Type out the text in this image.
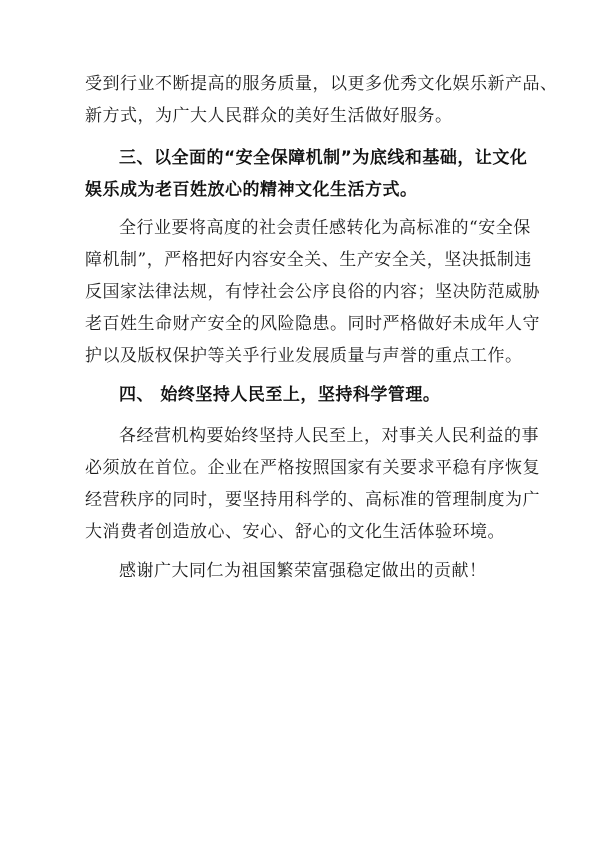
受到行业不断提高的服务质量，以更多优秀文化娱乐新产品、
新方式，为广大人民群众的美好生活做好服务。
三、以全面的“安全保障机制”为底线和基础，让文化
娱乐成为老百姓放心的精神文化生活方式。
全行业要将高度的社会责任感转化为高标准的“安全保
障机制”，严格把好内容安全关、生产安全关，坚决抵制违
反国家法律法规，有悖社会公序良俗的内容；坚决防范威胁
老百姓生命财产安全的风险隐患。同时严格做好未成年人守
护以及版权保护等关乎行业发展质量与声誉的重点工作。
四、 始终坚持人民至上，坚持科学管理。
各经营机构要始终坚持人民至上，对事关人民利益的事
必须放在首位。企业在严格按照国家有关要求平稳有序恢复
经营秩序的同时，要坚持用科学的、高标准的管理制度为广
大消费者创造放心、安心、舒心的文化生活体验环境。
感谢广大同仁为祖国繁荣富强稳定做出的贡献！
